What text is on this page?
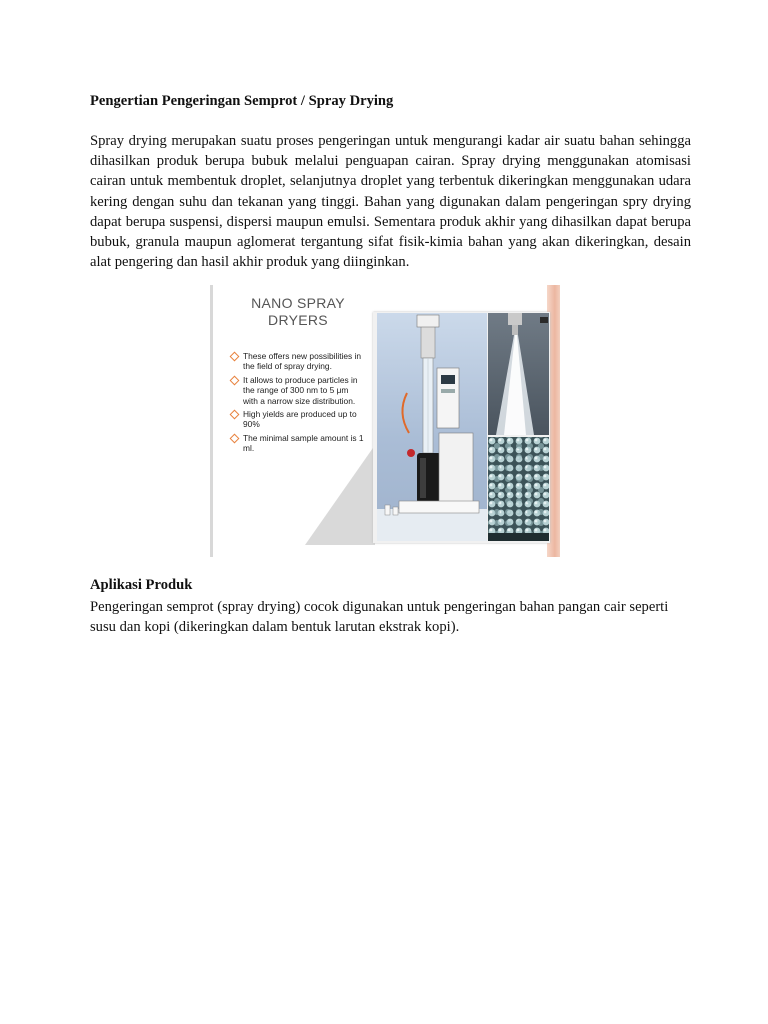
Pengertian Pengeringan Semprot / Spray Drying
Spray drying merupakan suatu proses pengeringan untuk mengurangi kadar air suatu bahan sehingga dihasilkan produk berupa bubuk melalui penguapan cairan. Spray drying menggunakan atomisasi cairan untuk membentuk droplet, selanjutnya droplet yang terbentuk dikeringkan menggunakan udara kering dengan suhu dan tekanan yang tinggi. Bahan yang digunakan dalam pengeringan spry drying dapat berupa suspensi, dispersi maupun emulsi. Sementara produk akhir yang dihasilkan dapat berupa bubuk, granula maupun aglomerat tergantung sifat fisik-kimia bahan yang akan dikeringkan, desain alat pengering dan hasil akhir produk yang diinginkan.
NANO SPRAY
DRYERS
These offers new possibilities in the field of spray drying.
It allows to produce particles in the range of 300 nm to 5 μm with a narrow size distribution.
High yields are produced up to 90%
The minimal sample amount is 1 ml.
Aplikasi Produk
Pengeringan semprot (spray drying) cocok digunakan untuk pengeringan bahan pangan cair seperti susu dan kopi (dikeringkan dalam bentuk larutan ekstrak kopi).
